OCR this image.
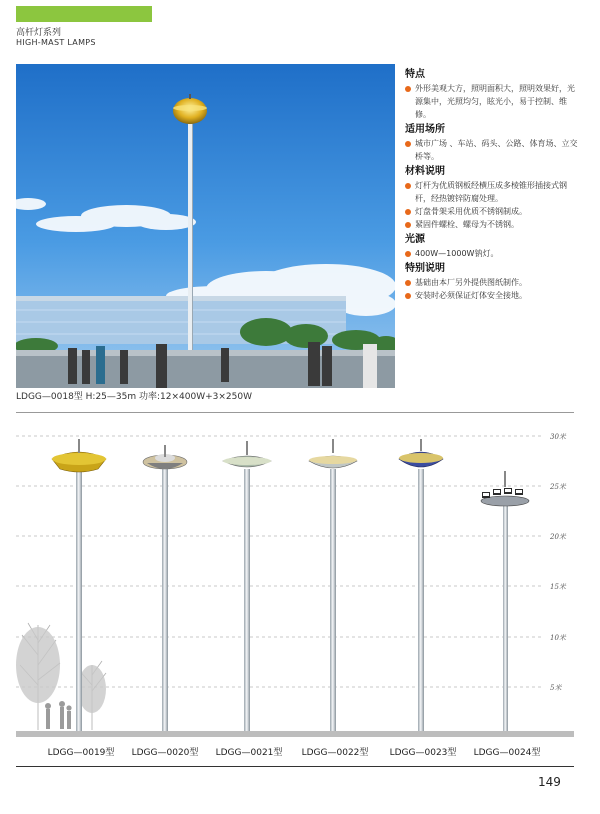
高杆灯系列
HIGH-MAST LAMPS
LDGG—0018型 H:25—35m 功率:12×400W+3×250W
特点
外形美观大方，照明面积大，照明效果好，光源集中，光照均匀，眩光小，易于控制、维修。
适用场所
城市广场 、车站、码头、公路、体育场、立交桥等。
材料说明
灯杆为优质钢板经横压成多棱锥形插接式钢杆，经热镀锌防腐处理。
灯盘骨架采用优质不锈钢制成。
紧固件螺栓、螺母为不锈钢。
光源
400W—1000W钠灯。
特别说明
基础由本厂另外提供图纸制作。
安装时必须保证灯体安全接地。
30米
25米
20米
15米
10米
5米
LDGG—0019型 LDGG—0020型 LDGG—0021型 LDGG—0022型 LDGG—0023型 LDGG—0024型
149
